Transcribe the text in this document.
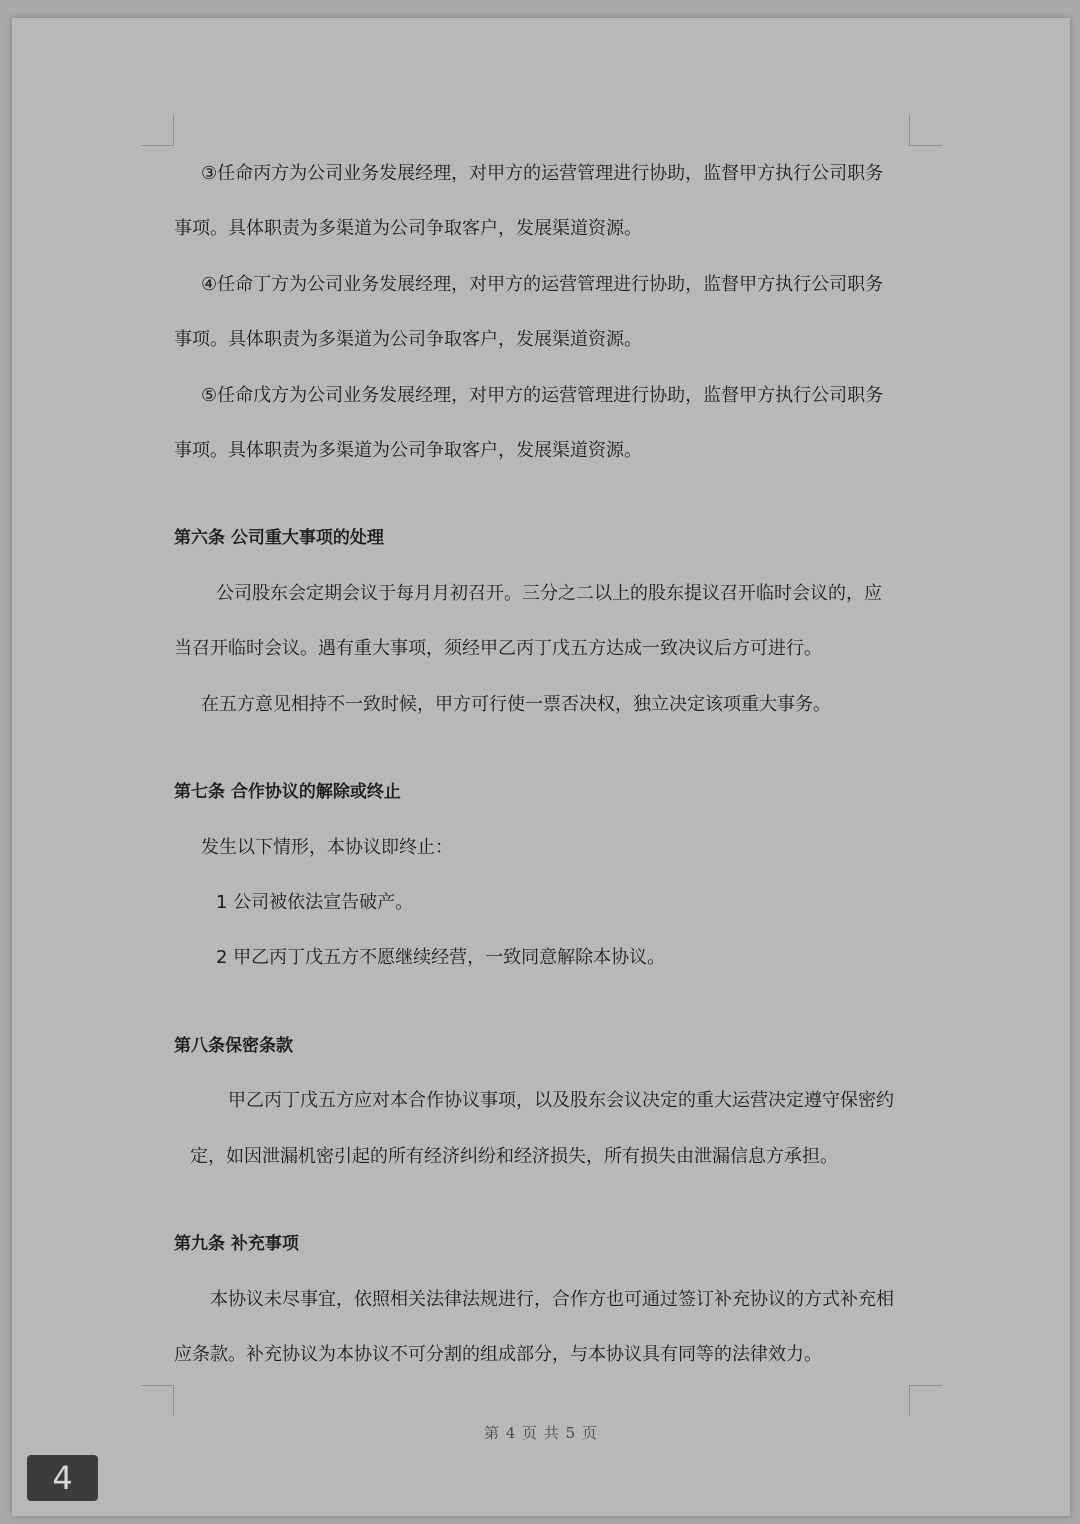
③任命丙方为公司业务发展经理，对甲方的运营管理进行协助，监督甲方执行公司职务
事项。具体职责为多渠道为公司争取客户，发展渠道资源。
④任命丁方为公司业务发展经理，对甲方的运营管理进行协助，监督甲方执行公司职务
事项。具体职责为多渠道为公司争取客户，发展渠道资源。
⑤任命戊方为公司业务发展经理，对甲方的运营管理进行协助，监督甲方执行公司职务
事项。具体职责为多渠道为公司争取客户，发展渠道资源。
第六条 公司重大事项的处理
公司股东会定期会议于每月月初召开。三分之二以上的股东提议召开临时会议的，应
当召开临时会议。遇有重大事项，须经甲乙丙丁戊五方达成一致决议后方可进行。
在五方意见相持不一致时候，甲方可行使一票否决权，独立决定该项重大事务。
第七条 合作协议的解除或终止
发生以下情形，本协议即终止：
1 公司被依法宣告破产。
2 甲乙丙丁戊五方不愿继续经营，一致同意解除本协议。
第八条保密条款
甲乙丙丁戊五方应对本合作协议事项，以及股东会议决定的重大运营决定遵守保密约
定，如因泄漏机密引起的所有经济纠纷和经济损失，所有损失由泄漏信息方承担。
第九条 补充事项
本协议未尽事宜，依照相关法律法规进行，合作方也可通过签订补充协议的方式补充相
应条款。补充协议为本协议不可分割的组成部分，与本协议具有同等的法律效力。
第 4 页 共 5 页
4
